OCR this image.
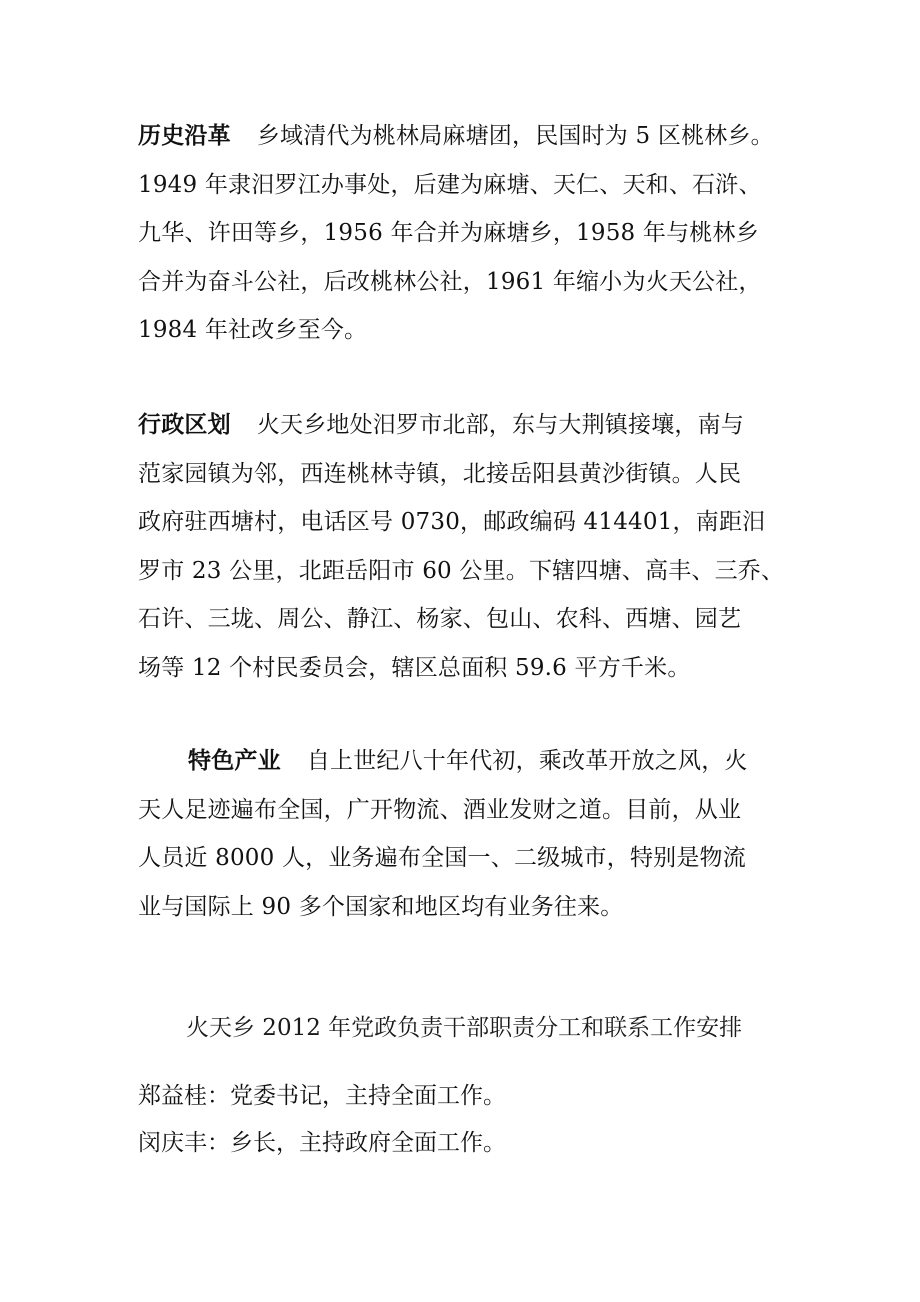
历史沿革 乡域清代为桃林局麻塘团，民国时为 5 区桃林乡。
1949 年隶汨罗江办事处，后建为麻塘、天仁、天和、石浒、
九华、许田等乡，1956 年合并为麻塘乡，1958 年与桃林乡
合并为奋斗公社，后改桃林公社，1961 年缩小为火天公社，
1984 年社改乡至今。
行政区划 火天乡地处汨罗市北部，东与大荆镇接壤，南与
范家园镇为邻，西连桃林寺镇，北接岳阳县黄沙街镇。人民
政府驻西塘村，电话区号 0730，邮政编码 414401，南距汨
罗市 23 公里，北距岳阳市 60 公里。下辖四塘、高丰、三乔、
石许、三垅、周公、静江、杨家、包山、农科、西塘、园艺
场等 12 个村民委员会，辖区总面积 59.6 平方千米。
特色产业 自上世纪八十年代初，乘改革开放之风，火
天人足迹遍布全国，广开物流、酒业发财之道。目前，从业
人员近 8000 人，业务遍布全国一、二级城市，特别是物流
业与国际上 90 多个国家和地区均有业务往来。
火天乡 2012 年党政负责干部职责分工和联系工作安排
郑益桂：党委书记，主持全面工作。
闵庆丰：乡长，主持政府全面工作。
